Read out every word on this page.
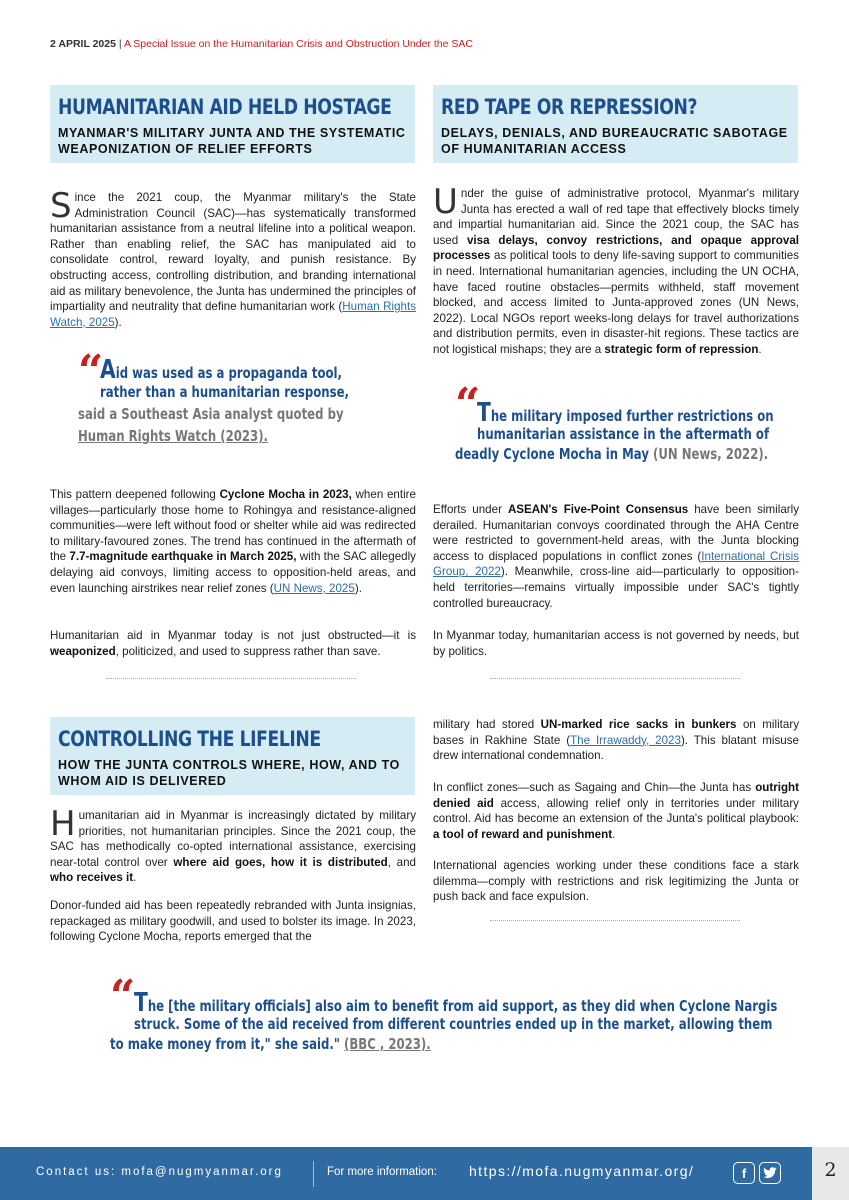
2 APRIL 2025 | A Special Issue on the Humanitarian Crisis and Obstruction Under the SAC
HUMANITARIAN AID HELD HOSTAGE
MYANMAR'S MILITARY JUNTA AND THE SYSTEMATIC WEAPONIZATION OF RELIEF EFFORTS
Since the 2021 coup, the Myanmar military's the State Administration Council (SAC)—has systematically transformed humanitarian assistance from a neutral lifeline into a political weapon. Rather than enabling relief, the SAC has manipulated aid to consolidate control, reward loyalty, and punish resistance. By obstructing access, controlling distribution, and branding international aid as military benevolence, the Junta has undermined the principles of impartiality and neutrality that define humanitarian work (Human Rights Watch, 2025).
“
Aid was used as a propaganda tool,
rather than a humanitarian response,
said a Southeast Asia analyst quoted by
Human Rights Watch (2023).
This pattern deepened following Cyclone Mocha in 2023, when entire villages—particularly those home to Rohingya and resistance-aligned communities—were left without food or shelter while aid was redirected to military-favoured zones. The trend has continued in the aftermath of the 7.7-magnitude earthquake in March 2025, with the SAC allegedly delaying aid convoys, limiting access to opposition-held areas, and even launching airstrikes near relief zones (UN News, 2025).
Humanitarian aid in Myanmar today is not just obstructed—it is weaponized, politicized, and used to suppress rather than save.
RED TAPE OR REPRESSION?
DELAYS, DENIALS, AND BUREAUCRATIC SABOTAGE OF HUMANITARIAN ACCESS
Under the guise of administrative protocol, Myanmar's military Junta has erected a wall of red tape that effectively blocks timely and impartial humanitarian aid. Since the 2021 coup, the SAC has used visa delays, convoy restrictions, and opaque approval processes as political tools to deny life-saving support to communities in need. International humanitarian agencies, including the UN OCHA, have faced routine obstacles—permits withheld, staff movement blocked, and access limited to Junta-approved zones (UN News, 2022). Local NGOs report weeks-long delays for travel authorizations and distribution permits, even in disaster-hit regions. These tactics are not logistical mishaps; they are a strategic form of repression.
“
The military imposed further restrictions on
humanitarian assistance in the aftermath of
deadly Cyclone Mocha in May (UN News, 2022).
Efforts under ASEAN's Five-Point Consensus have been similarly derailed. Humanitarian convoys coordinated through the AHA Centre were restricted to government-held areas, with the Junta blocking access to displaced populations in conflict zones (International Crisis Group, 2022). Meanwhile, cross-line aid—particularly to opposition-held territories—remains virtually impossible under SAC's tightly controlled bureaucracy.
In Myanmar today, humanitarian access is not governed by needs, but by politics.
CONTROLLING THE LIFELINE
HOW THE JUNTA CONTROLS WHERE, HOW, AND TO WHOM AID IS DELIVERED
Humanitarian aid in Myanmar is increasingly dictated by military priorities, not humanitarian principles. Since the 2021 coup, the SAC has methodically co-opted international assistance, exercising near-total control over where aid goes, how it is distributed, and who receives it.
Donor-funded aid has been repeatedly rebranded with Junta insignias, repackaged as military goodwill, and used to bolster its image. In 2023, following Cyclone Mocha, reports emerged that the
military had stored UN-marked rice sacks in bunkers on military bases in Rakhine State (The Irrawaddy, 2023). This blatant misuse drew international condemnation.
In conflict zones—such as Sagaing and Chin—the Junta has outright denied aid access, allowing relief only in territories under military control. Aid has become an extension of the Junta's political playbook: a tool of reward and punishment.
International agencies working under these conditions face a stark dilemma—comply with restrictions and risk legitimizing the Junta or push back and face expulsion.
“
The [the military officials] also aim to benefit from aid support, as they did when Cyclone Nargis
struck. Some of the aid received from different countries ended up in the market, allowing them
to make money from it," she said." (BBC , 2023).
Contact us: mofa@nugmyanmar.org	For more information: https://mofa.nugmyanmar.org/	f	2
